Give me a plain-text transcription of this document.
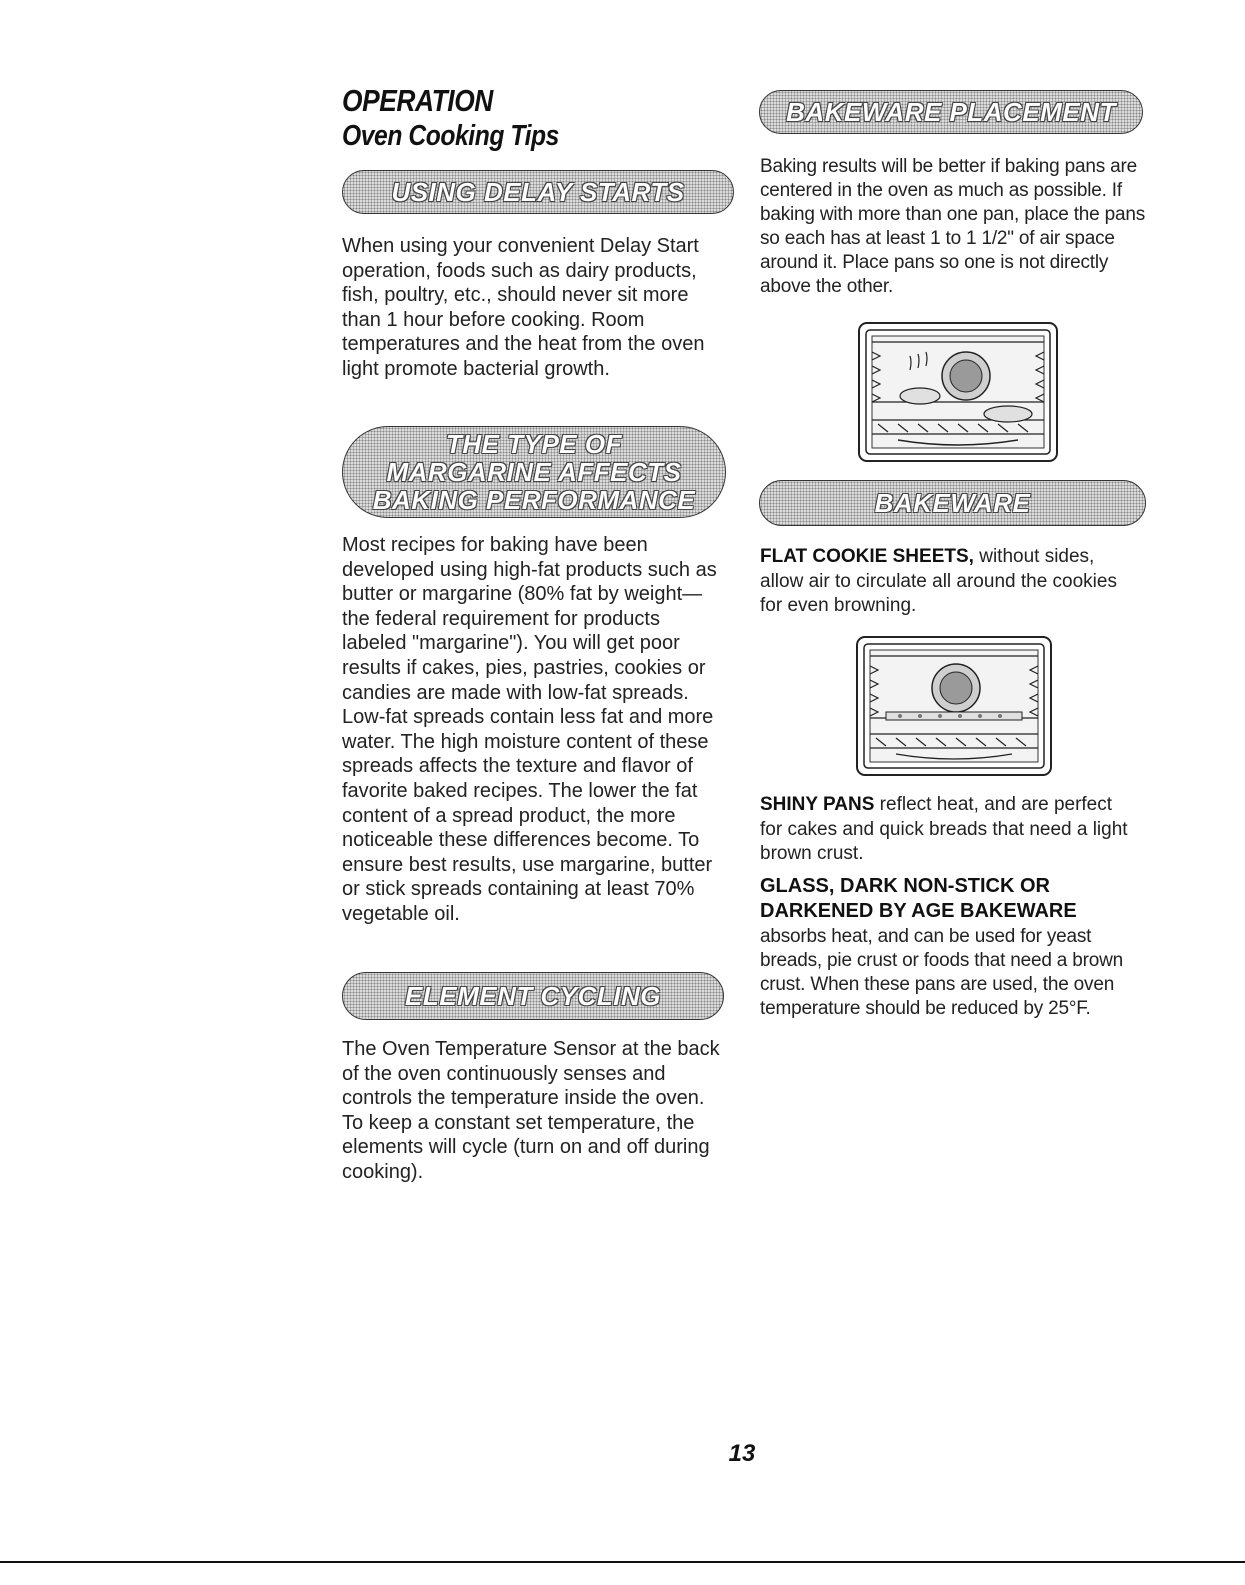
OPERATION
Oven Cooking Tips
USING DELAY STARTS
When using your convenient Delay Start operation, foods such as dairy products, fish, poultry, etc., should never sit more than 1 hour before cooking. Room temperatures and the heat from the oven light promote bacterial growth.
THE TYPE OF
MARGARINE AFFECTS
BAKING PERFORMANCE
Most recipes for baking have been developed using high-fat products such as butter or margarine (80% fat by weight—the federal requirement for products labeled "margarine"). You will get poor results if cakes, pies, pastries, cookies or candies are made with low-fat spreads. Low-fat spreads contain less fat and more water. The high moisture content of these spreads affects the texture and flavor of favorite baked recipes. The lower the fat content of a spread product, the more noticeable these differences become. To ensure best results, use margarine, butter or stick spreads containing at least 70% vegetable oil.
ELEMENT CYCLING
The Oven Temperature Sensor at the back of the oven continuously senses and controls the temperature inside the oven. To keep a constant set temperature, the elements will cycle (turn on and off during cooking).
BAKEWARE PLACEMENT
Baking results will be better if baking pans are centered in the oven as much as possible. If baking with more than one pan, place the pans so each has at least 1 to 1 1/2" of air space around it. Place pans so one is not directly above the other.
BAKEWARE
FLAT COOKIE SHEETS, without sides, allow air to circulate all around the cookies for even browning.
SHINY PANS reflect heat, and are perfect for cakes and quick breads that need a light brown crust.
GLASS, DARK NON-STICK OR
DARKENED BY AGE BAKEWARE
absorbs heat, and can be used for yeast breads, pie crust or foods that need a brown crust. When these pans are used, the oven temperature should be reduced by 25°F.
13
